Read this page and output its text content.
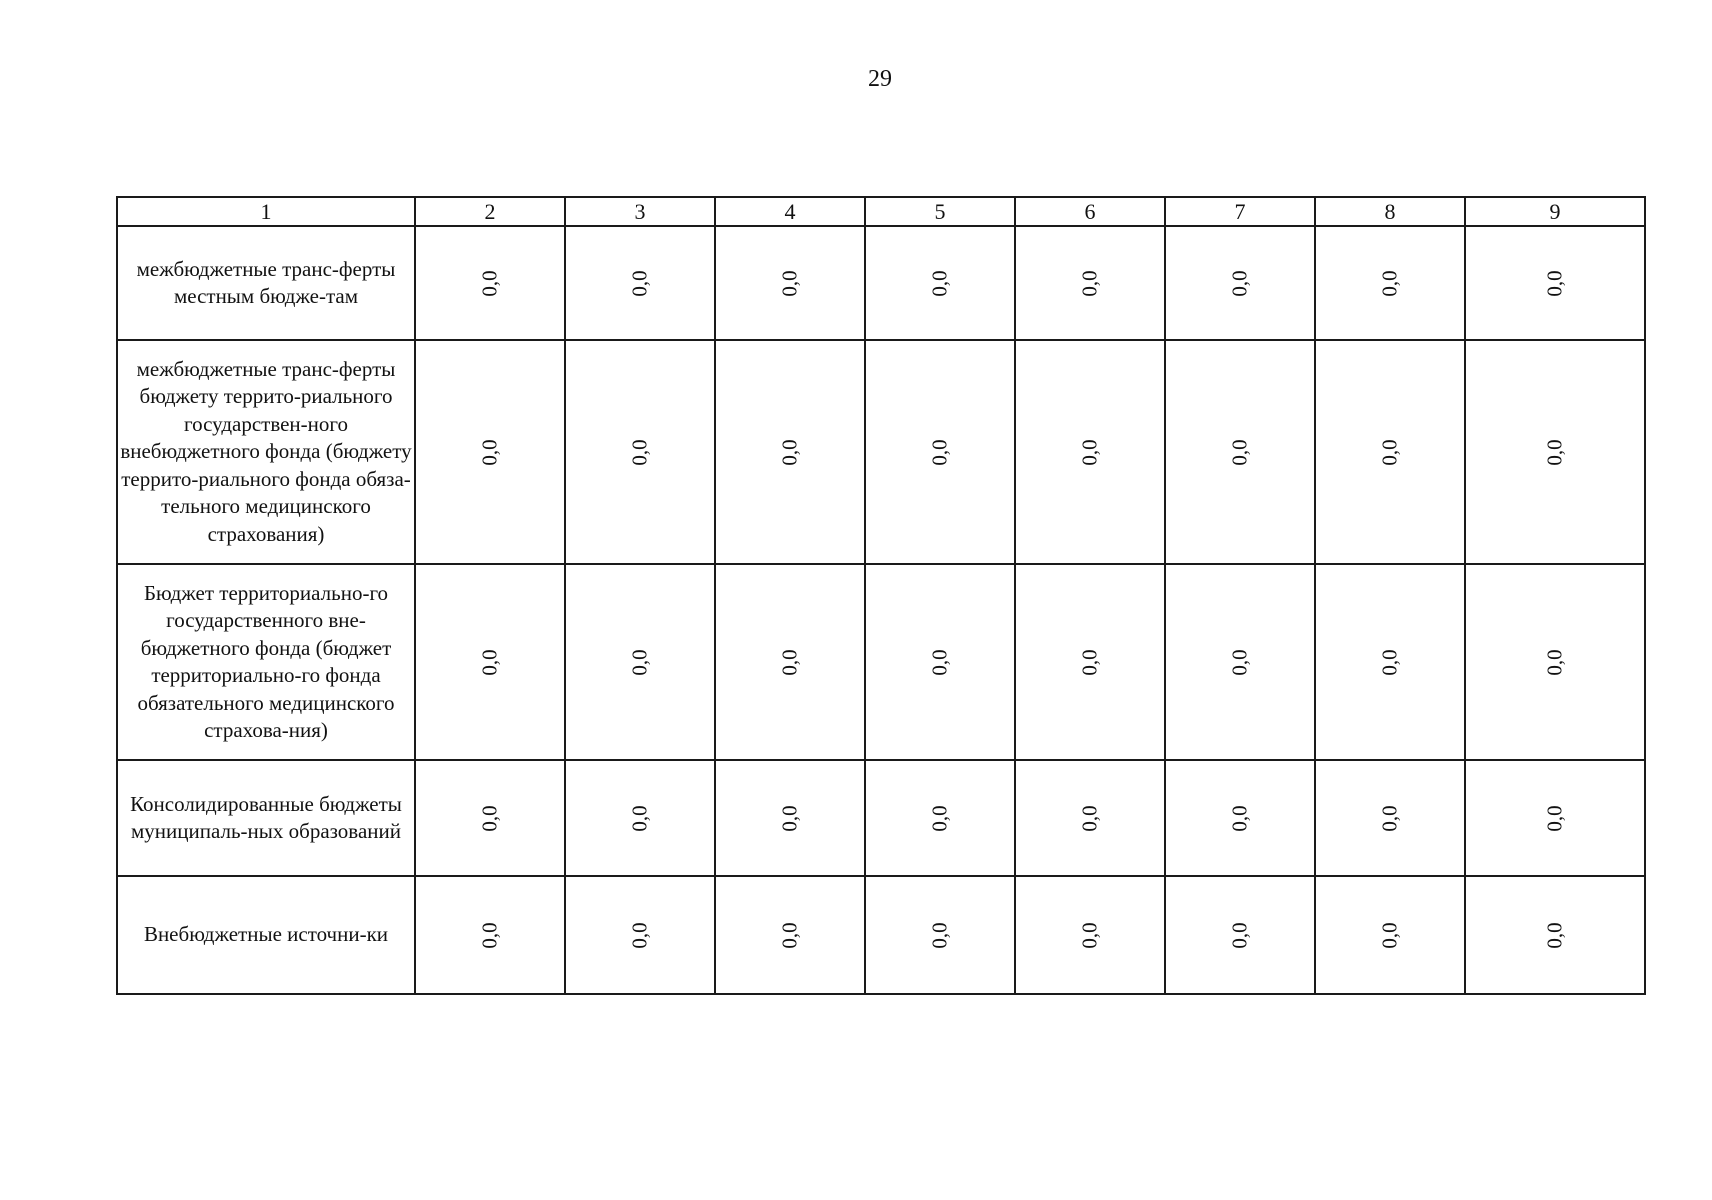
29
1	2	3	4	5	6	7	8	9
межбюджетные транс-ферты местным бюдже-там	0,0	0,0	0,0	0,0	0,0	0,0	0,0	0,0
межбюджетные транс-ферты бюджету террито-риального государствен-ного внебюджетного фонда (бюджету террито-риального фонда обяза-тельного медицинского страхования)	0,0	0,0	0,0	0,0	0,0	0,0	0,0	0,0
Бюджет территориально-го государственного вне-бюджетного фонда (бюджет территориально-го фонда обязательного медицинского страхова-ния)	0,0	0,0	0,0	0,0	0,0	0,0	0,0	0,0
Консолидированные бюджеты муниципаль-ных образований	0,0	0,0	0,0	0,0	0,0	0,0	0,0	0,0
Внебюджетные источни-ки	0,0	0,0	0,0	0,0	0,0	0,0	0,0	0,0
